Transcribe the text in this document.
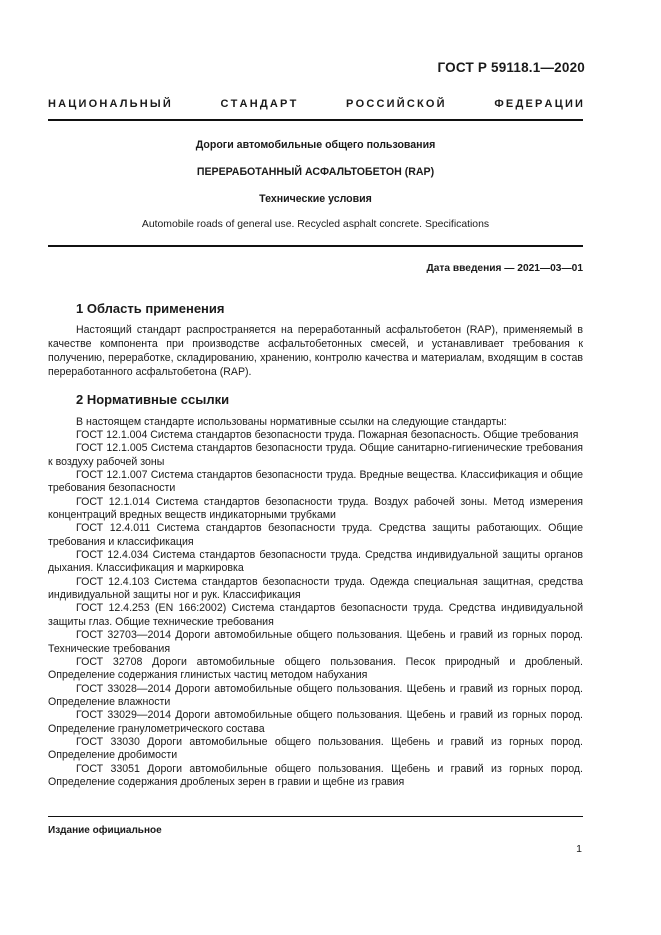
ГОСТ Р 59118.1—2020
Н А Ц И О Н А Л Ь Н Ы Й	С Т А Н Д А Р Т	Р О С С И Й С К О Й	Ф Е Д Е Р А Ц И И
Дороги автомобильные общего пользования
ПЕРЕРАБОТАННЫЙ АСФАЛЬТОБЕТОН (RAP)
Технические условия
Automobile roads of general use. Recycled asphalt concrete. Specifications
Дата введения — 2021—03—01
1 Область применения

Настоящий стандарт распространяется на переработанный асфальтобетон (RAP), применяемый в качестве компонента при производстве асфальтобетонных смесей, и устанавливает требования к получению, переработке, складированию, хранению, контролю качества и материалам, входящим в состав переработанного асфальтобетона (RAP).

2 Нормативные ссылки

В настоящем стандарте использованы нормативные ссылки на следующие стандарты:

ГОСТ 12.1.004 Система стандартов безопасности труда. Пожарная безопасность. Общие требования

ГОСТ 12.1.005 Система стандартов безопасности труда. Общие санитарно-гигиенические требования к воздуху рабочей зоны

ГОСТ 12.1.007 Система стандартов безопасности труда. Вредные вещества. Классификация и общие требования безопасности

ГОСТ 12.1.014 Система стандартов безопасности труда. Воздух рабочей зоны. Метод измерения концентраций вредных веществ индикаторными трубками

ГОСТ 12.4.011 Система стандартов безопасности труда. Средства защиты работающих. Общие требования и классификация

ГОСТ 12.4.034 Система стандартов безопасности труда. Средства индивидуальной защиты органов дыхания. Классификация и маркировка

ГОСТ 12.4.103 Система стандартов безопасности труда. Одежда специальная защитная, средства индивидуальной защиты ног и рук. Классификация

ГОСТ 12.4.253 (EN 166:2002) Система стандартов безопасности труда. Средства индивидуальной защиты глаз. Общие технические требования

ГОСТ 32703—2014 Дороги автомобильные общего пользования. Щебень и гравий из горных пород. Технические требования

ГОСТ 32708 Дороги автомобильные общего пользования. Песок природный и дробленый. Определение содержания глинистых частиц методом набухания

ГОСТ 33028—2014 Дороги автомобильные общего пользования. Щебень и гравий из горных пород. Определение влажности

ГОСТ 33029—2014 Дороги автомобильные общего пользования. Щебень и гравий из горных пород. Определение гранулометрического состава

ГОСТ 33030 Дороги автомобильные общего пользования. Щебень и гравий из горных пород. Определение дробимости

ГОСТ 33051 Дороги автомобильные общего пользования. Щебень и гравий из горных пород. Определение содержания дробленых зерен в гравии и щебне из гравия

Издание официальное
1
